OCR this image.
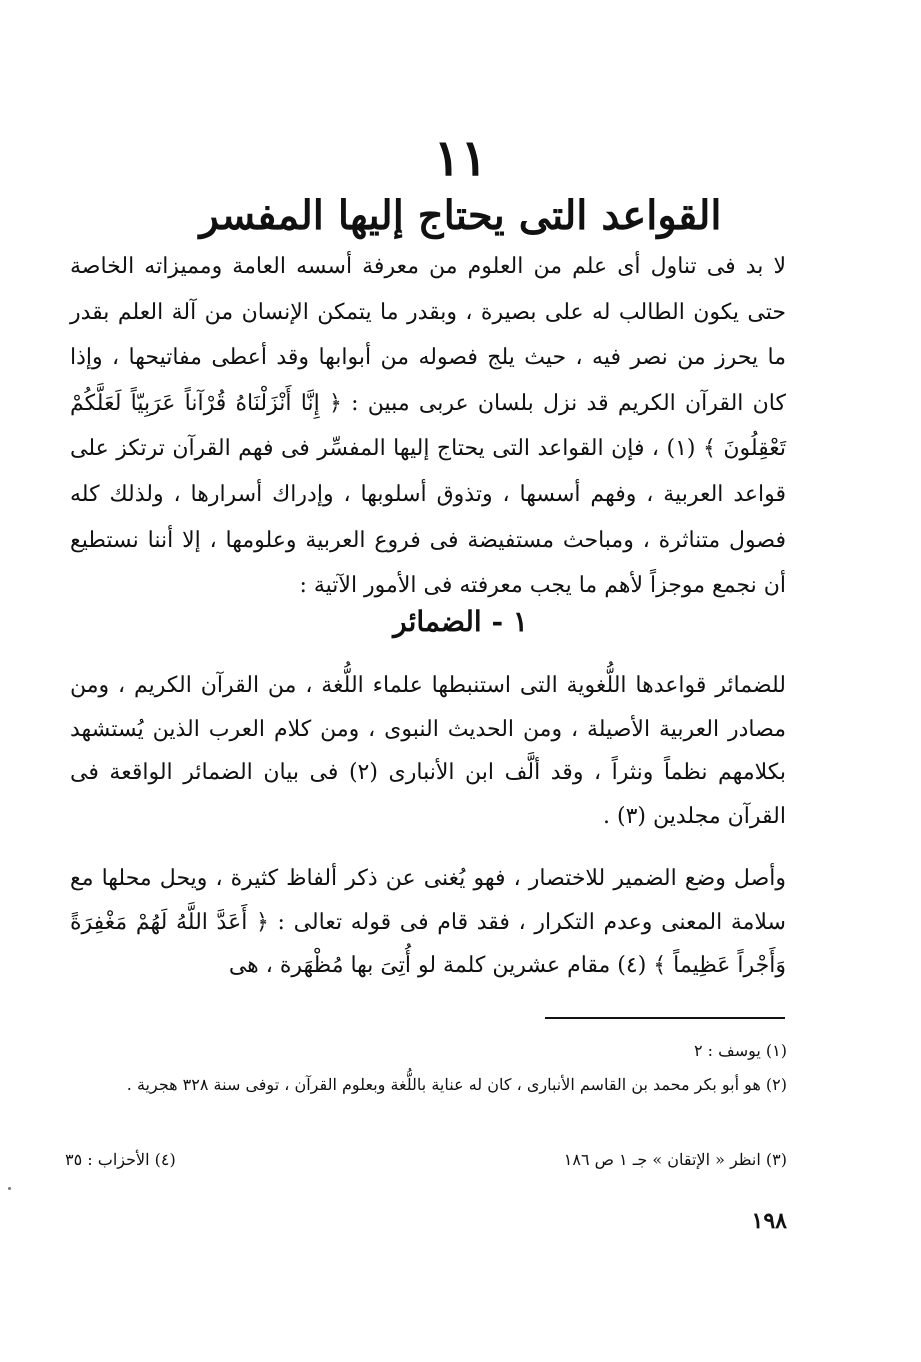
١١
القواعد التى يحتاج إليها المفسر

لا بد فى تناول أى علم من العلوم من معرفة أسسه العامة ومميزاته الخاصة حتى يكون الطالب له على بصيرة ، وبقدر ما يتمكن الإنسان من آلة العلم بقدر ما يحرز من نصر فيه ، حيث يلج فصوله من أبوابها وقد أعطى مفاتيحها ، وإذا كان القرآن الكريم قد نزل بلسان عربى مبين : ﴿ إِنَّا أَنْزَلْنَاهُ قُرْآناً عَرَبِيّاً لَعَلَّكُمْ تَعْقِلُونَ ﴾ (١) ، فإن القواعد التى يحتاج إليها المفسِّر فى فهم القرآن ترتكز على قواعد العربية ، وفهم أسسها ، وتذوق أسلوبها ، وإدراك أسرارها ، ولذلك كله فصول متناثرة ، ومباحث مستفيضة فى فروع العربية وعلومها ، إلا أننا نستطيع أن نجمع موجزاً لأهم ما يجب معرفته فى الأمور الآتية :

١ - الضمائر

للضمائر قواعدها اللُّغوية التى استنبطها علماء اللُّغة ، من القرآن الكريم ، ومن مصادر العربية الأصيلة ، ومن الحديث النبوى ، ومن كلام العرب الذين يُستشهد بكلامهم نظماً ونثراً ، وقد ألَّف ابن الأنبارى (٢) فى بيان الضمائر الواقعة فى القرآن مجلدين (٣) .

وأصل وضع الضمير للاختصار ، فهو يُغنى عن ذكر ألفاظ كثيرة ، ويحل محلها مع سلامة المعنى وعدم التكرار ، فقد قام فى قوله تعالى : ﴿ أَعَدَّ اللَّهُ لَهُمْ مَغْفِرَةً وَأَجْراً عَظِيماً ﴾ (٤) مقام عشرين كلمة لو أُتِىَ بها مُظْهَرة ، هى

(١) يوسف : ٢

(٢) هو أبو بكر محمد بن القاسم الأنبارى ، كان له عناية باللُّغة وبعلوم القرآن ، توفى سنة ٣٢٨ هجرية .

(٣) انظر « الإتقان » جـ ١ ص ١٨٦
(٤) الأحزاب : ٣٥
١٩٨
